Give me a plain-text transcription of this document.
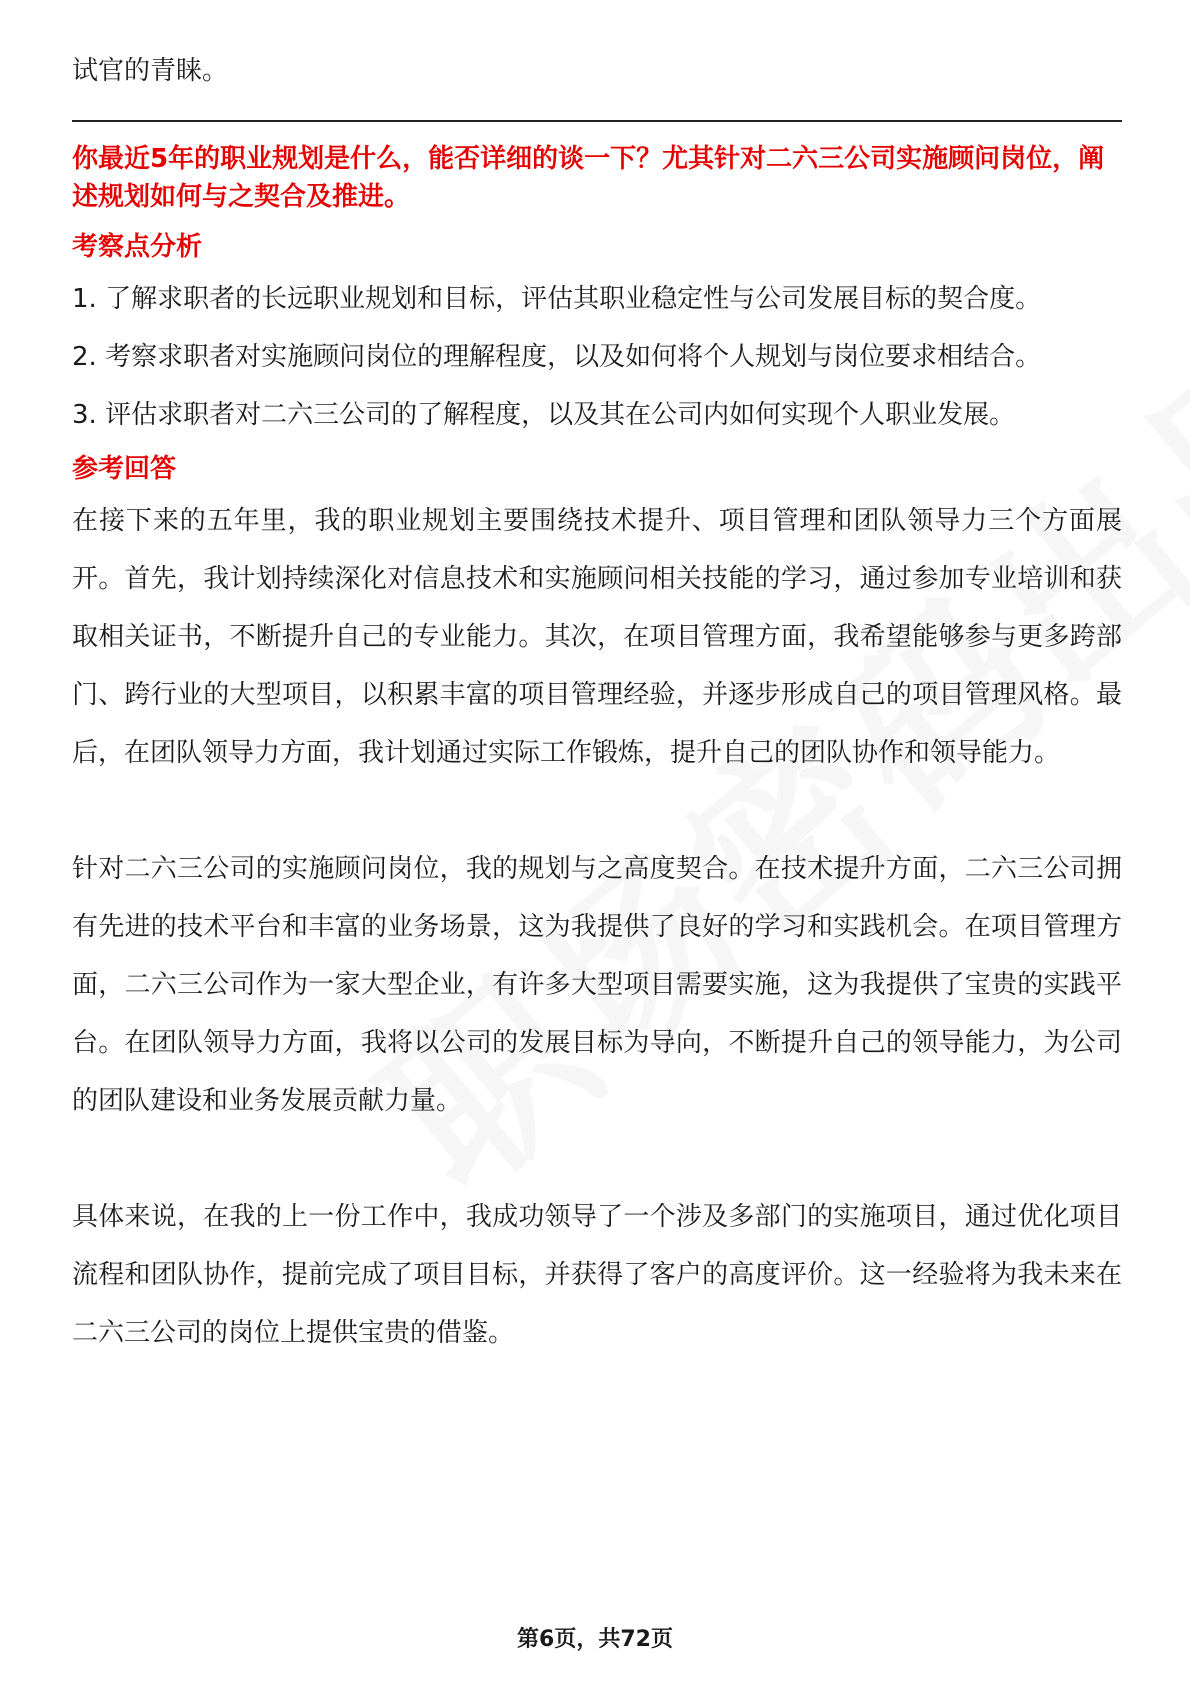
试官的青睐。

你最近5年的职业规划是什么，能否详细的谈一下？尤其针对二六三公司实施顾问岗位，阐述规划如何与之契合及推进。

考察点分析

1. 了解求职者的长远职业规划和目标，评估其职业稳定性与公司发展目标的契合度。

2. 考察求职者对实施顾问岗位的理解程度，以及如何将个人规划与岗位要求相结合。

3. 评估求职者对二六三公司的了解程度，以及其在公司内如何实现个人职业发展。

参考回答

在接下来的五年里，我的职业规划主要围绕技术提升、项目管理和团队领导力三个方面展开。首先，我计划持续深化对信息技术和实施顾问相关技能的学习，通过参加专业培训和获取相关证书，不断提升自己的专业能力。其次，在项目管理方面，我希望能够参与更多跨部门、跨行业的大型项目，以积累丰富的项目管理经验，并逐步形成自己的项目管理风格。最后，在团队领导力方面，我计划通过实际工作锻炼，提升自己的团队协作和领导能力。

针对二六三公司的实施顾问岗位，我的规划与之高度契合。在技术提升方面，二六三公司拥有先进的技术平台和丰富的业务场景，这为我提供了良好的学习和实践机会。在项目管理方面，二六三公司作为一家大型企业，有许多大型项目需要实施，这为我提供了宝贵的实践平台。在团队领导力方面，我将以公司的发展目标为导向，不断提升自己的领导能力，为公司的团队建设和业务发展贡献力量。

具体来说，在我的上一份工作中，我成功领导了一个涉及多部门的实施项目，通过优化项目流程和团队协作，提前完成了项目目标，并获得了客户的高度评价。这一经验将为我未来在二六三公司的岗位上提供宝贵的借鉴。

第6页，共72页
